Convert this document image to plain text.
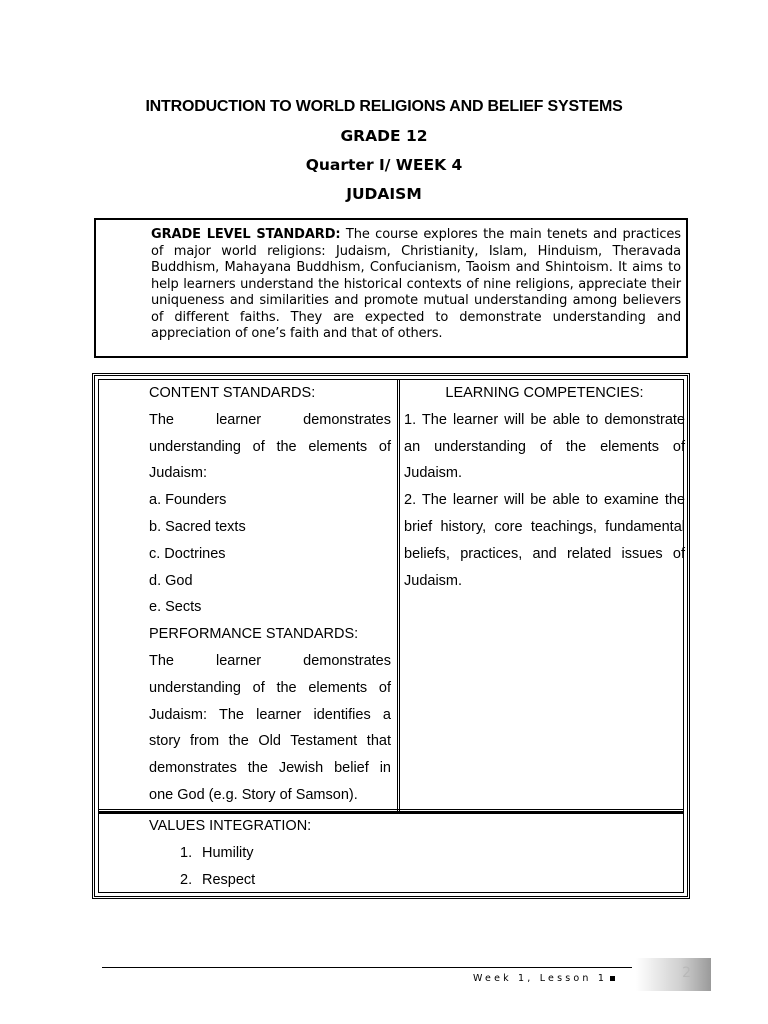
INTRODUCTION TO WORLD RELIGIONS AND BELIEF SYSTEMS
GRADE 12
Quarter I/ WEEK 4
JUDAISM
GRADE LEVEL STANDARD: The course explores the main tenets and practices of major world religions: Judaism, Christianity, Islam, Hinduism, Theravada Buddhism, Mahayana Buddhism, Confucianism, Taoism and Shintoism. It aims to help learners understand the historical contexts of nine religions, appreciate their uniqueness and similarities and promote mutual understanding among believers of different faiths. They are expected to demonstrate understanding and appreciation of one’s faith and that of others.
CONTENT STANDARDS:
The learner demonstrates
understanding of the elements of
Judaism:
a. Founders
b. Sacred texts
c. Doctrines
d. God
e. Sects
PERFORMANCE STANDARDS:
The learner demonstrates
understanding of the elements of
Judaism: The learner identifies a
story from the Old Testament that
demonstrates the Jewish belief in
one God (e.g. Story of Samson).
LEARNING COMPETENCIES:
1. The learner will be able to demonstrate
an understanding of the elements of
Judaism.
2. The learner will be able to examine the
brief history, core teachings, fundamental
beliefs, practices, and related issues of
Judaism.
VALUES INTEGRATION:
1. Humility
2. Respect
Week 1, Lesson 1	2
